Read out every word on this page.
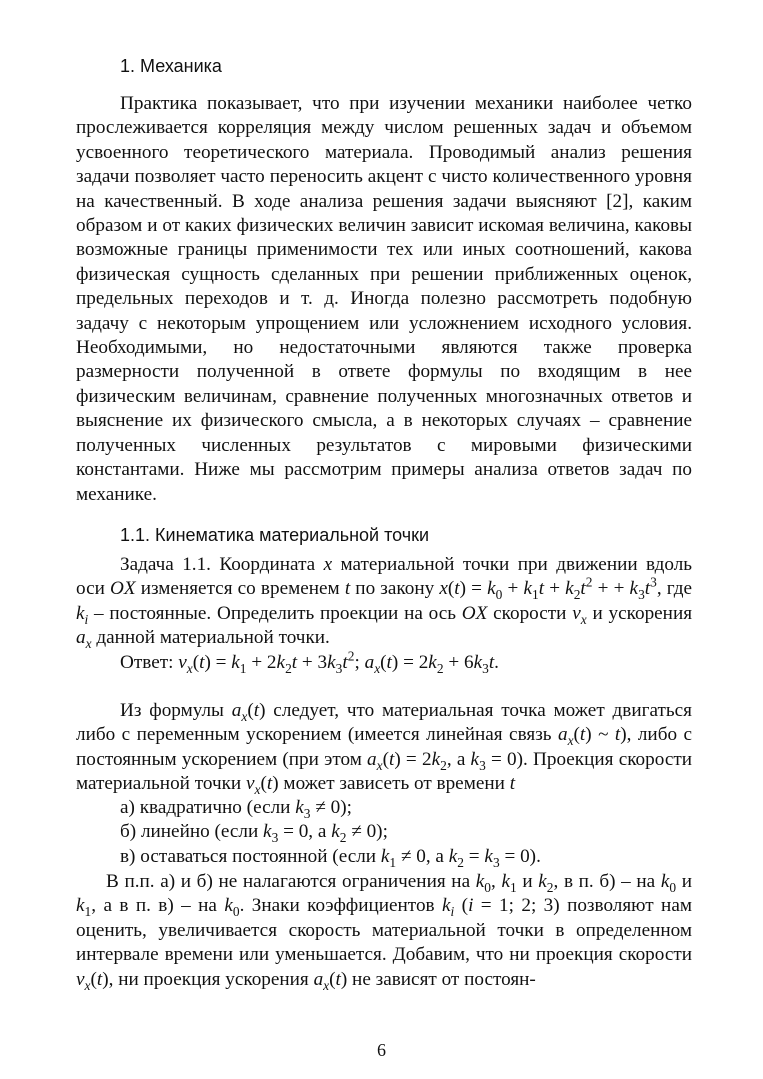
1. Механика
Практика показывает, что при изучении механики наиболее четко прослеживается корреляция между числом решенных задач и объемом усвоенного теоретического материала. Проводимый анализ решения задачи позволяет часто переносить акцент с чисто количественного уровня на качественный. В ходе анализа решения задачи выясняют [2], каким образом и от каких физических величин зависит искомая величина, каковы возможные границы применимости тех или иных соотношений, какова физическая сущность сделанных при решении приближенных оценок, предельных переходов и т. д. Иногда полезно рассмотреть подобную задачу с некоторым упрощением или усложнением исходного условия. Необходимыми, но недостаточными являются также проверка размерности полученной в ответе формулы по входящим в нее физическим величинам, сравнение полученных многозначных ответов и выяснение их физического смысла, а в некоторых случаях – сравнение полученных численных результатов с мировыми физическими константами. Ниже мы рассмотрим примеры анализа ответов задач по механике.
1.1. Кинематика материальной точки

Задача 1.1. Координата x материальной точки при движении вдоль оси OX изменяется со временем t по закону $x(t) = k_0 + k_1t + k_2t^2$ + + $k_3t^3$, где $k_i$ – постоянные. Определить проекции на ось OX скорости $v_x$ и ускорения $a_x$ данной материальной точки.

Ответ: $v_x(t) = k_1 + 2k_2t + 3k_3t^2$; $a_x(t) = 2k_2 + 6k_3t$.

Из формулы $a_x(t)$ следует, что материальная точка может двигаться либо с переменным ускорением (имеется линейная связь $a_x(t)$ ~ t), либо с постоянным ускорением (при этом $a_x(t) = 2k_2$, а $k_3 = 0$). Проекция скорости материальной точки $v_x(t)$ может зависеть от времени t

а) квадратично (если $k_3 \ne 0$);

б) линейно (если $k_3 = 0$, а $k_2 \ne 0$);

в) оставаться постоянной (если $k_1 \ne 0$, а $k_2 = k_3 = 0$).

В п.п. а) и б) не налагаются ограничения на $k_0$, $k_1$ и $k_2$, в п. б) – на $k_0$ и $k_1$, а в п. в) – на $k_0$. Знаки коэффициентов $k_i$ (i = 1; 2; 3) позволяют нам оценить, увеличивается скорость материальной точки в определенном интервале времени или уменьшается. Добавим, что ни проекция скорости $v_x(t)$, ни проекция ускорения $a_x(t)$ не зависят от постоян-
6
